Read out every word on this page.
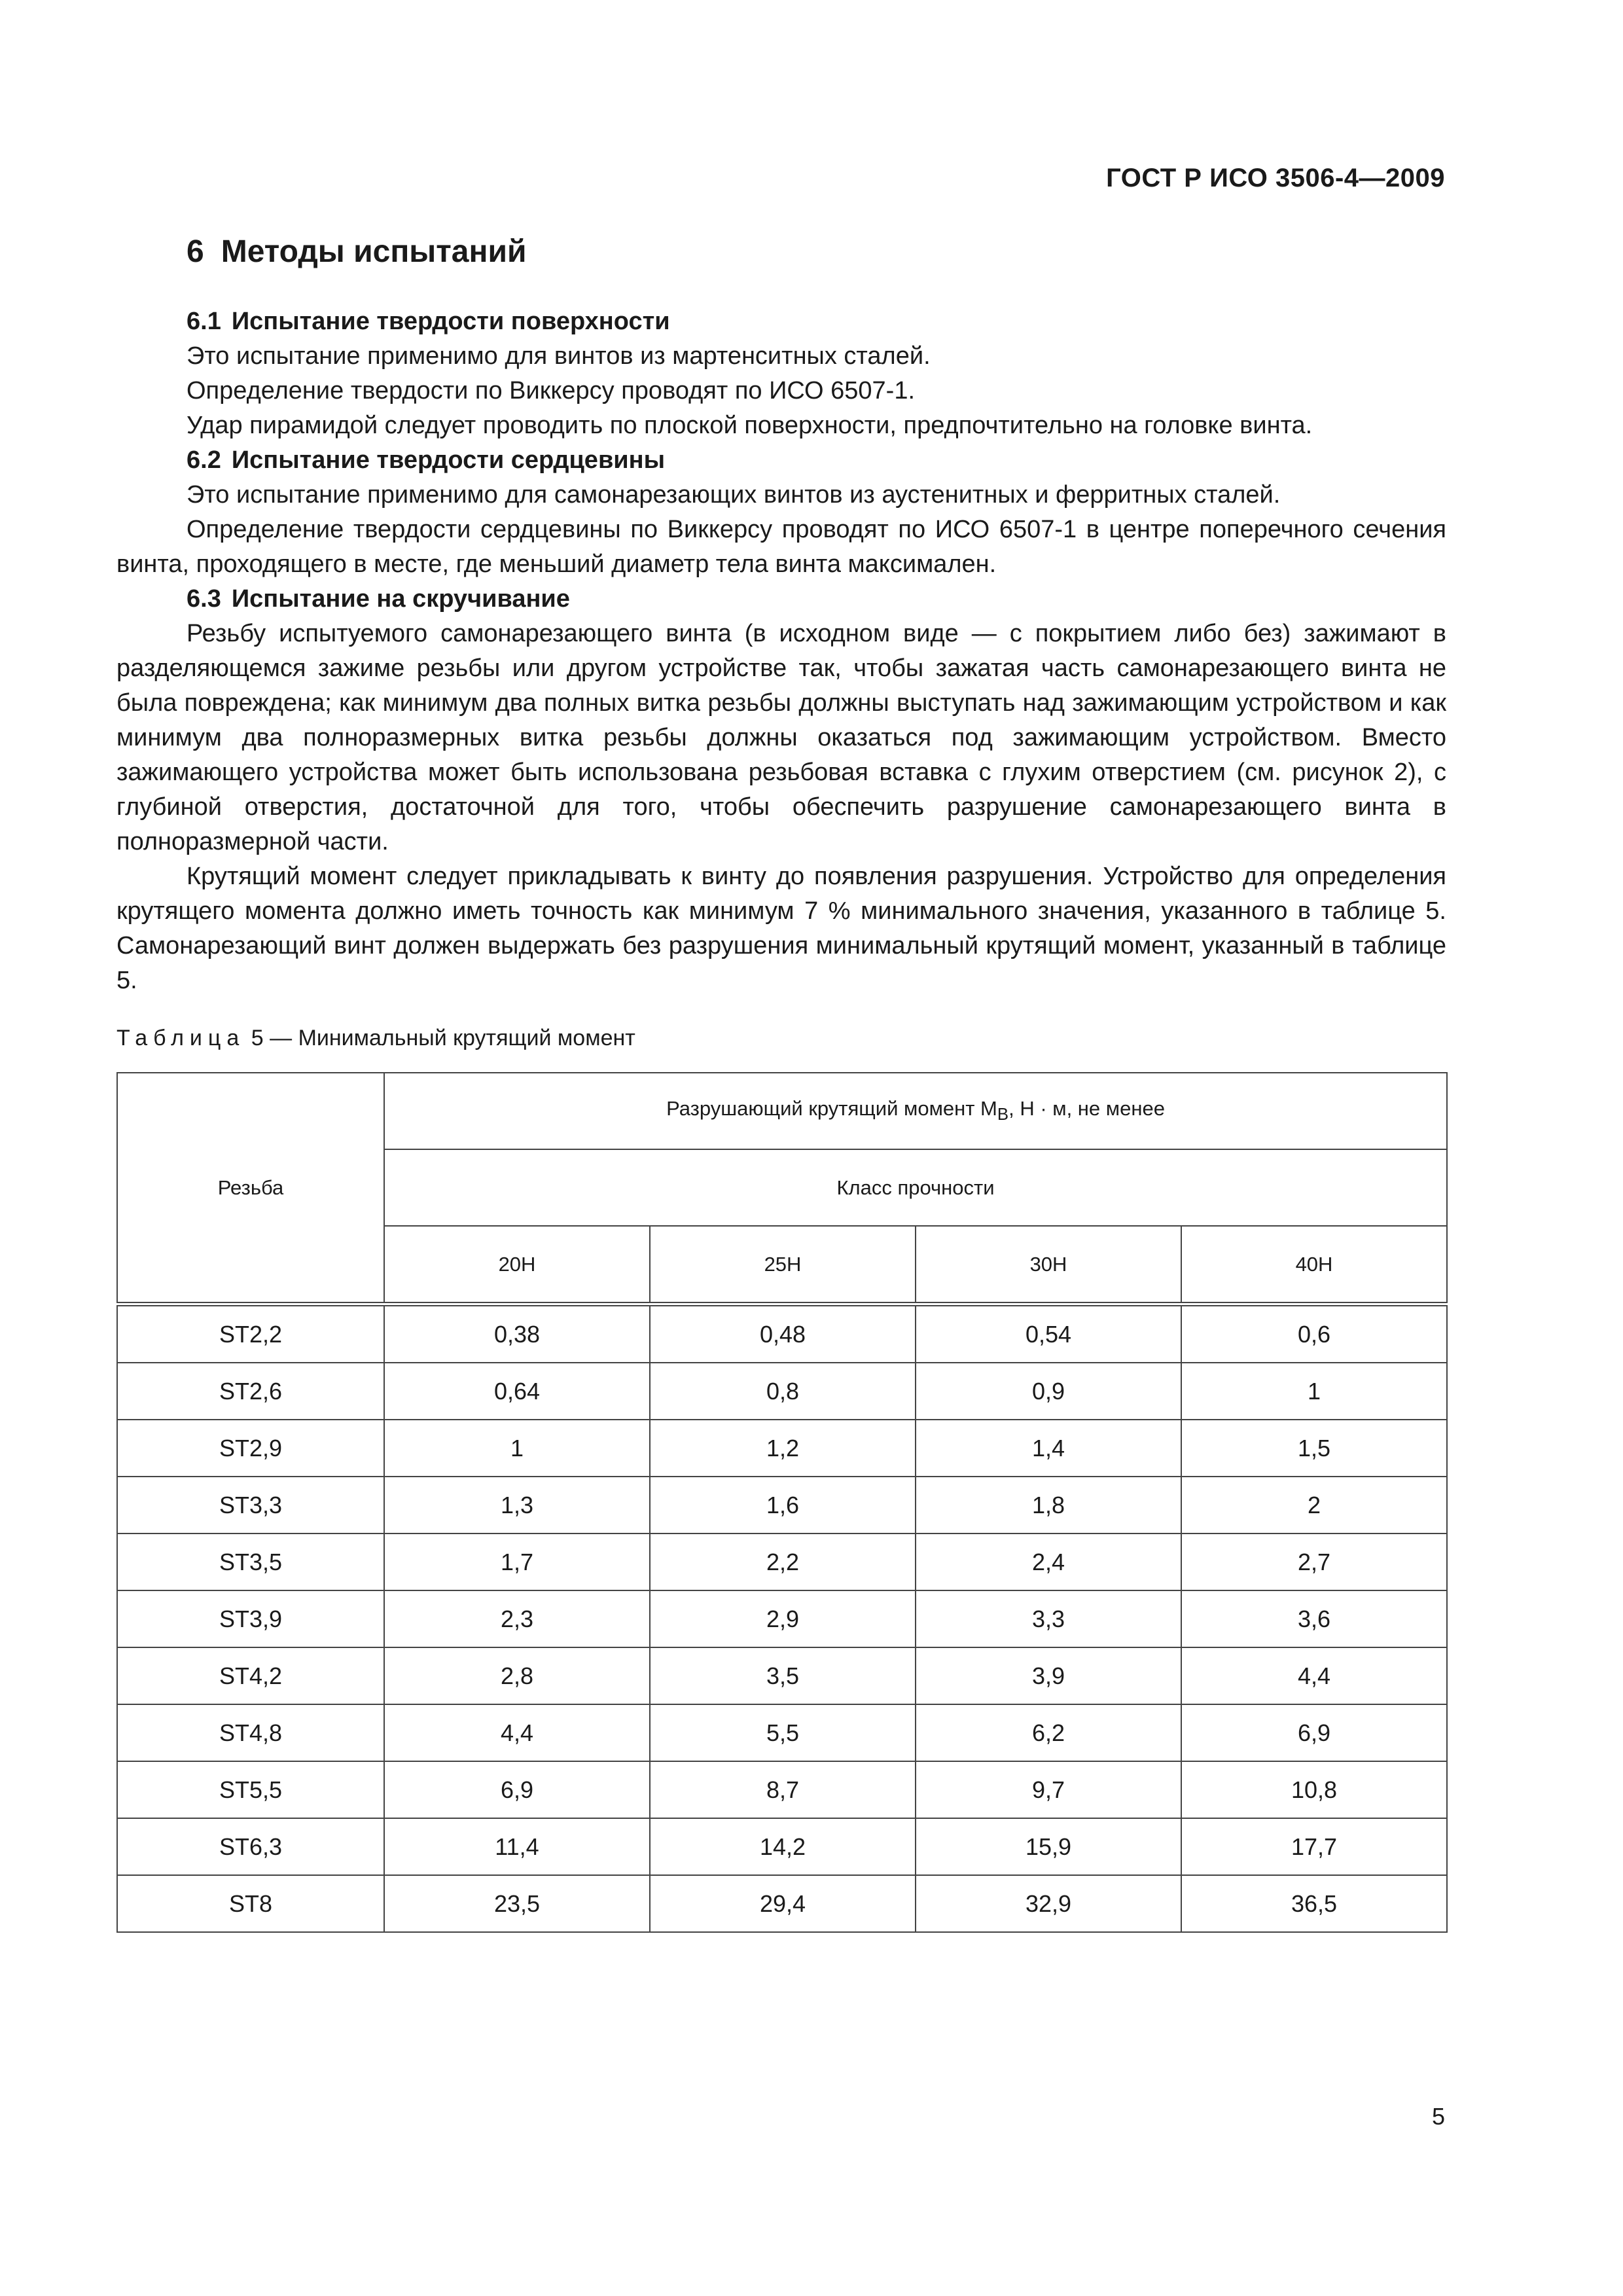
ГОСТ Р ИСО 3506-4—2009
6 Методы испытаний

6.1 Испытание твердости поверхности

Это испытание применимо для винтов из мартенситных сталей.

Определение твердости по Виккерсу проводят по ИСО 6507-1.

Удар пирамидой следует проводить по плоской поверхности, предпочтительно на головке винта.

6.2 Испытание твердости сердцевины

Это испытание применимо для самонарезающих винтов из аустенитных и ферритных сталей.

Определение твердости сердцевины по Виккерсу проводят по ИСО 6507-1 в центре поперечного сечения винта, проходящего в месте, где меньший диаметр тела винта максимален.

6.3 Испытание на скручивание

Резьбу испытуемого самонарезающего винта (в исходном виде — с покрытием либо без) зажимают в разделяющемся зажиме резьбы или другом устройстве так, чтобы зажатая часть самонарезающего винта не была повреждена; как минимум два полных витка резьбы должны выступать над зажимающим устройством и как минимум два полноразмерных витка резьбы должны оказаться под зажимающим устройством. Вместо зажимающего устройства может быть использована резьбовая вставка с глухим отверстием (см. рисунок 2), с глубиной отверстия, достаточной для того, чтобы обеспечить разрушение самонарезающего винта в полноразмерной части.

Крутящий момент следует прикладывать к винту до появления разрушения. Устройство для определения крутящего момента должно иметь точность как минимум 7 % минимального значения, указанного в таблице 5. Самонарезающий винт должен выдержать без разрушения минимальный крутящий момент, указанный в таблице 5.

Таблица 5 — Минимальный крутящий момент
Резьба	Разрушающий крутящий момент $M_B$, Н · м, не менее			
	Класс прочности			
	20H	25H	30H	40H
ST2,2	0,38	0,48	0,54	0,6
ST2,6	0,64	0,8	0,9	1
ST2,9	1	1,2	1,4	1,5
ST3,3	1,3	1,6	1,8	2
ST3,5	1,7	2,2	2,4	2,7
ST3,9	2,3	2,9	3,3	3,6
ST4,2	2,8	3,5	3,9	4,4
ST4,8	4,4	5,5	6,2	6,9
ST5,5	6,9	8,7	9,7	10,8
ST6,3	11,4	14,2	15,9	17,7
ST8	23,5	29,4	32,9	36,5
5
